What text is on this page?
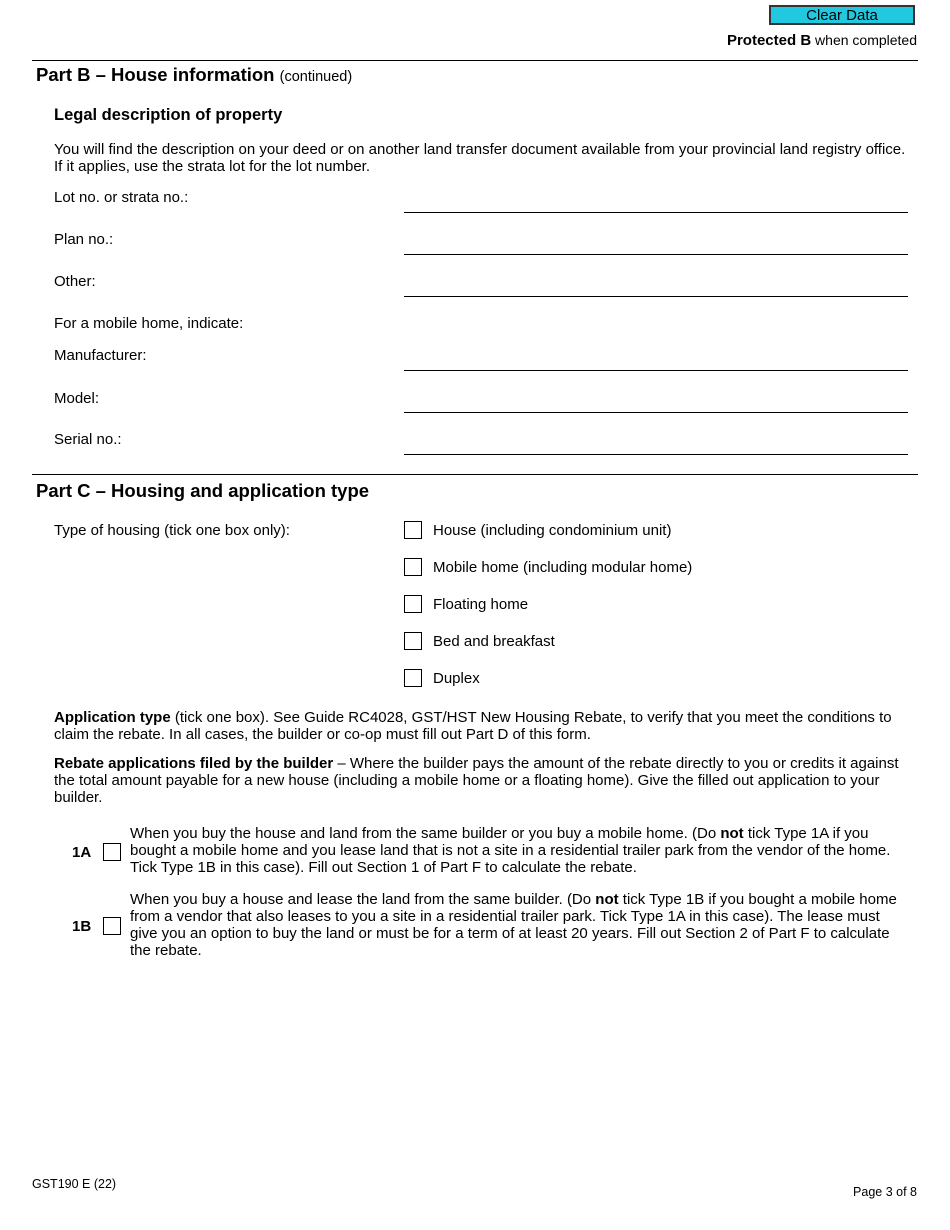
Clear Data
Protected B when completed
Part B – House information (continued)
Legal description of property
You will find the description on your deed or on another land transfer document available from your provincial land registry office. If it applies, use the strata lot for the lot number.
Lot no. or strata no.:
Plan no.:
Other:
For a mobile home, indicate:
Manufacturer:
Model:
Serial no.:
Part C – Housing and application type
Type of housing (tick one box only):	House (including condominium unit)
Mobile home (including modular home)
Floating home
Bed and breakfast
Duplex
Application type (tick one box). See Guide RC4028, GST/HST New Housing Rebate, to verify that you meet the conditions to claim the rebate. In all cases, the builder or co-op must fill out Part D of this form.
Rebate applications filed by the builder – Where the builder pays the amount of the rebate directly to you or credits it against the total amount payable for a new house (including a mobile home or a floating home). Give the filled out application to your builder.
1A
When you buy the house and land from the same builder or you buy a mobile home. (Do not tick Type 1A if you bought a mobile home and you lease land that is not a site in a residential trailer park from the vendor of the home. Tick Type 1B in this case). Fill out Section 1 of Part F to calculate the rebate.
1B
When you buy a house and lease the land from the same builder. (Do not tick Type 1B if you bought a mobile home from a vendor that also leases to you a site in a residential trailer park. Tick Type 1A in this case). The lease must give you an option to buy the land or must be for a term of at least 20 years. Fill out Section 2 of Part F to calculate the rebate.
GST190 E (22)
Page 3 of 8
